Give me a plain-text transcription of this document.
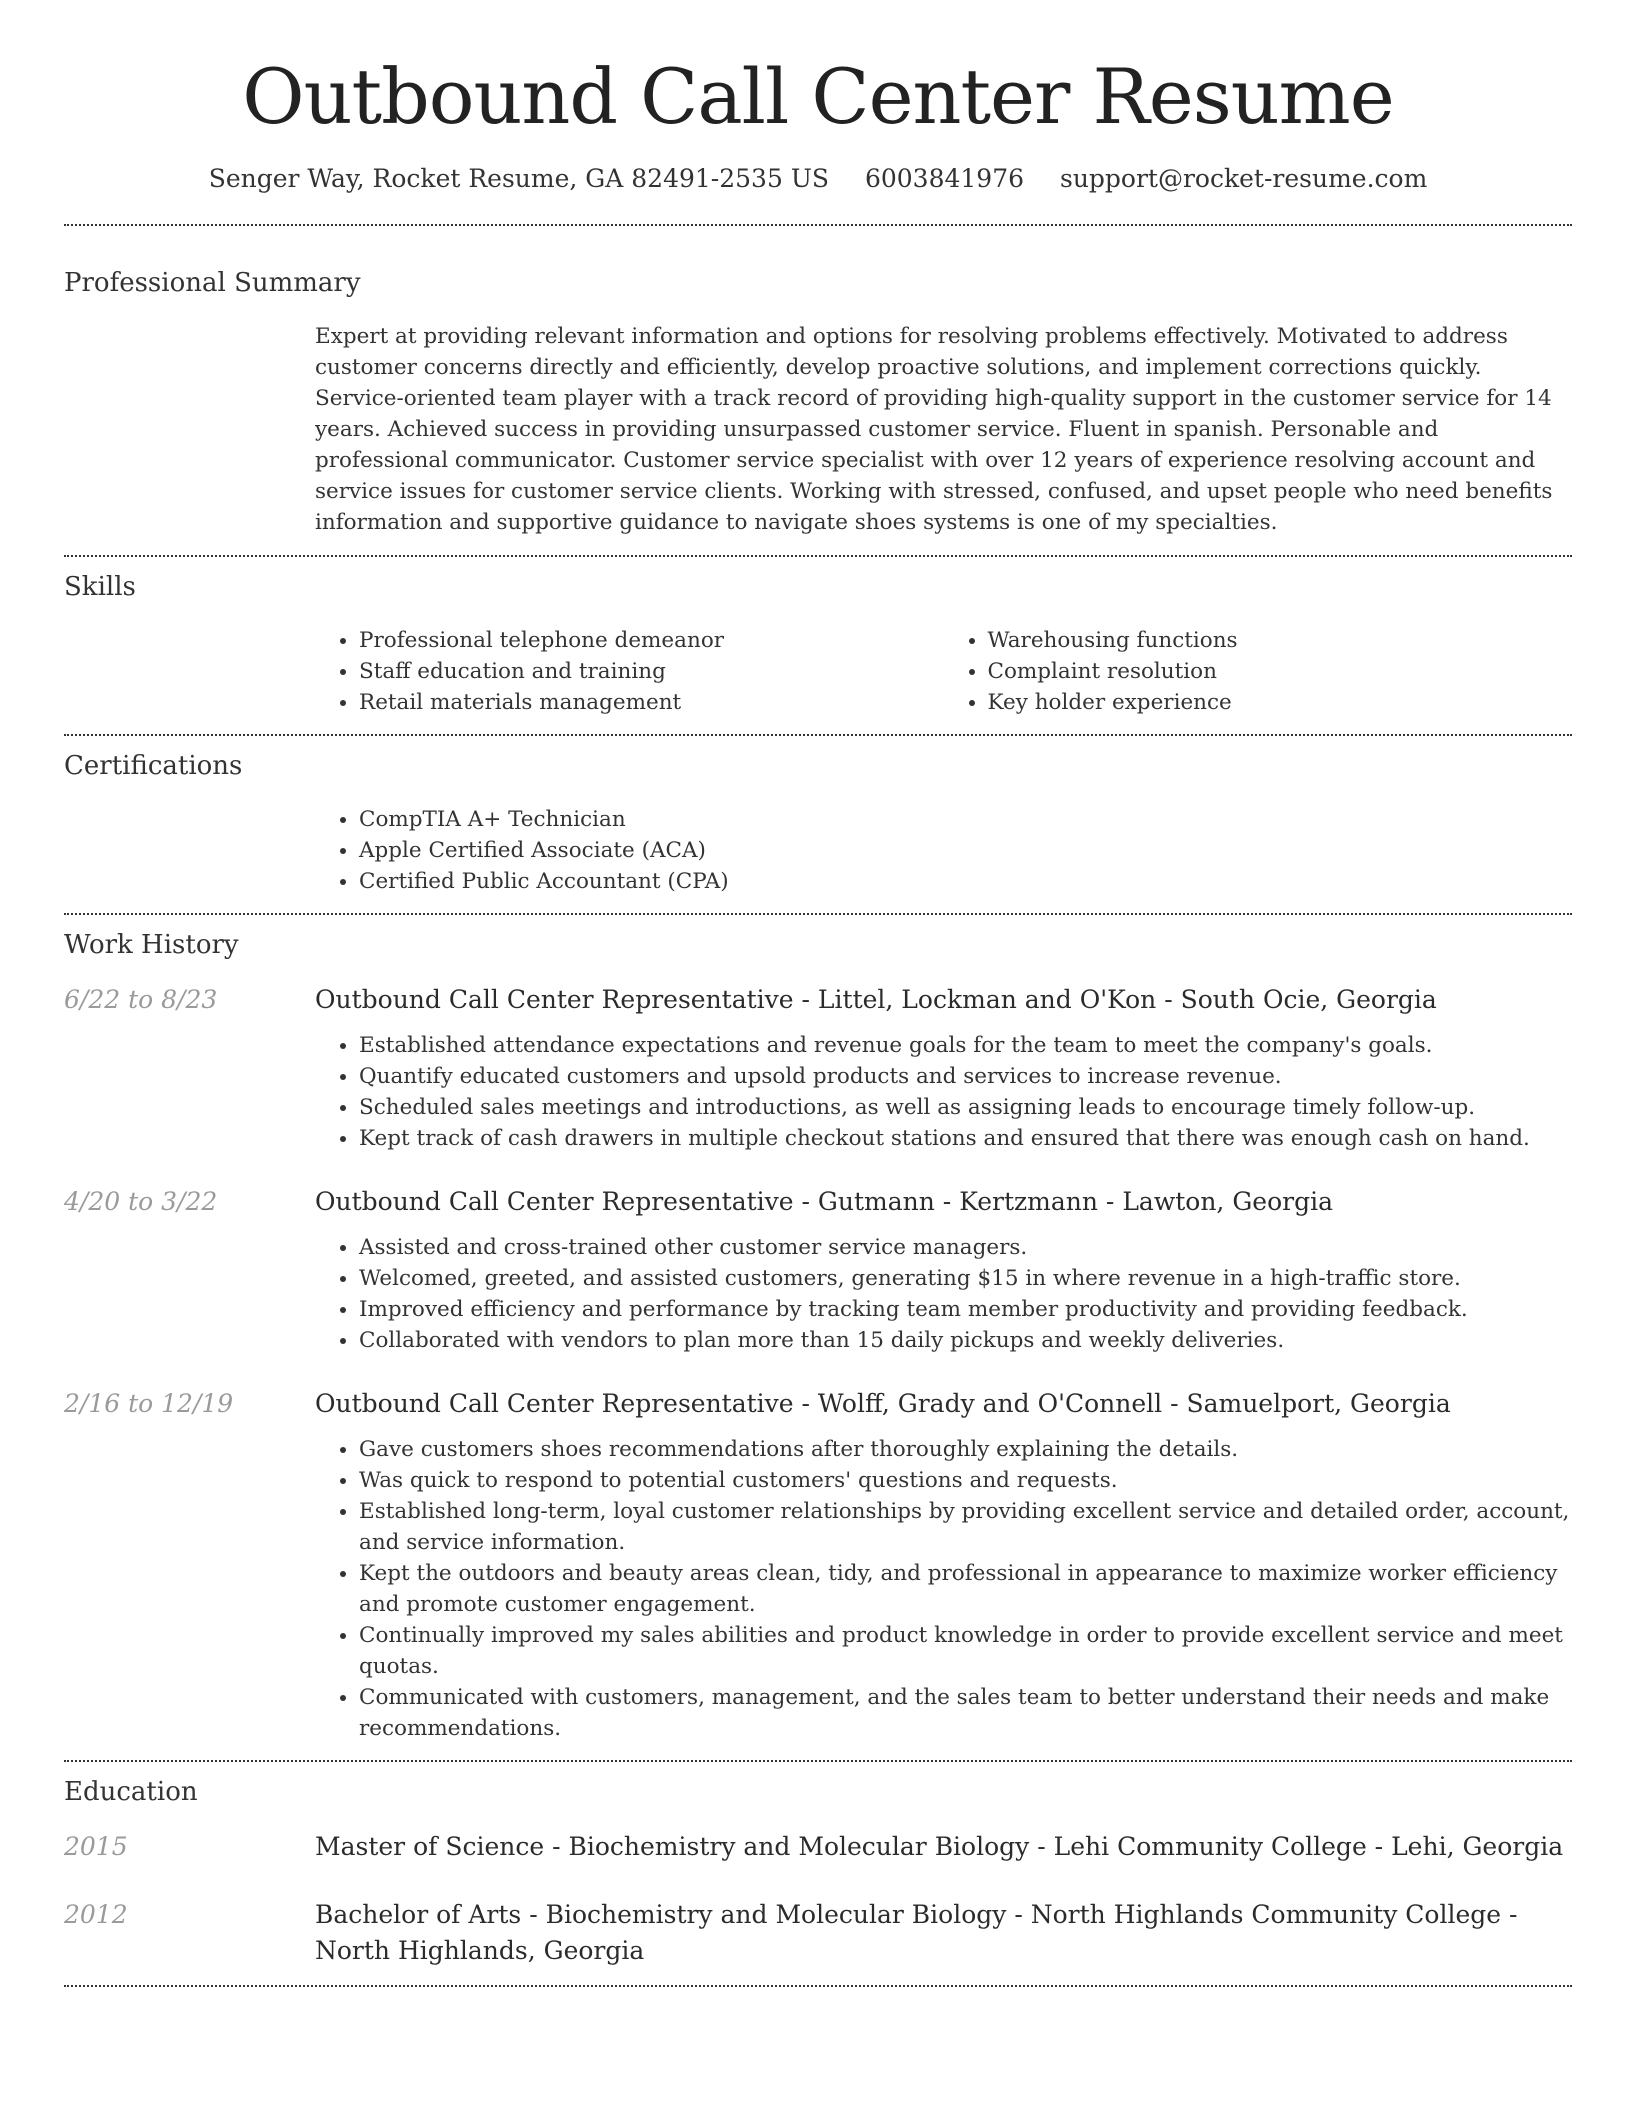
Outbound Call Center Resume
Senger Way, Rocket Resume, GA 82491-2535 US 6003841976 support@rocket-resume.com
Professional Summary

Expert at providing relevant information and options for resolving problems effectively. Motivated to address customer concerns directly and efficiently, develop proactive solutions, and implement corrections quickly. Service-oriented team player with a track record of providing high-quality support in the customer service for 14 years. Achieved success in providing unsurpassed customer service. Fluent in spanish. Personable and professional communicator. Customer service specialist with over 12 years of experience resolving account and service issues for customer service clients. Working with stressed, confused, and upset people who need benefits information and supportive guidance to navigate shoes systems is one of my specialties.

Skills
• Professional telephone demeanor
• Staff education and training
• Retail materials management
• Warehousing functions
• Complaint resolution
• Key holder experience
Certifications
• CompTIA A+ Technician
• Apple Certified Associate (ACA)
• Certified Public Accountant (CPA)
Work History
6/22 to 8/23	Outbound Call Center Representative - Littel, Lockman and O'Kon - South Ocie, Georgia
• Established attendance expectations and revenue goals for the team to meet the company's goals.
• Quantify educated customers and upsold products and services to increase revenue.
• Scheduled sales meetings and introductions, as well as assigning leads to encourage timely follow-up.
• Kept track of cash drawers in multiple checkout stations and ensured that there was enough cash on hand.
4/20 to 3/22	Outbound Call Center Representative - Gutmann - Kertzmann - Lawton, Georgia
• Assisted and cross-trained other customer service managers.
• Welcomed, greeted, and assisted customers, generating $15 in where revenue in a high-traffic store.
• Improved efficiency and performance by tracking team member productivity and providing feedback.
• Collaborated with vendors to plan more than 15 daily pickups and weekly deliveries.
2/16 to 12/19	Outbound Call Center Representative - Wolff, Grady and O'Connell - Samuelport, Georgia
• Gave customers shoes recommendations after thoroughly explaining the details.
• Was quick to respond to potential customers' questions and requests.
• Established long-term, loyal customer relationships by providing excellent service and detailed order, account, and service information.
• Kept the outdoors and beauty areas clean, tidy, and professional in appearance to maximize worker efficiency and promote customer engagement.
• Continually improved my sales abilities and product knowledge in order to provide excellent service and meet quotas.
• Communicated with customers, management, and the sales team to better understand their needs and make recommendations.
Education
2015	Master of Science - Biochemistry and Molecular Biology - Lehi Community College - Lehi, Georgia
2012	Bachelor of Arts - Biochemistry and Molecular Biology - North Highlands Community College - North Highlands, Georgia
